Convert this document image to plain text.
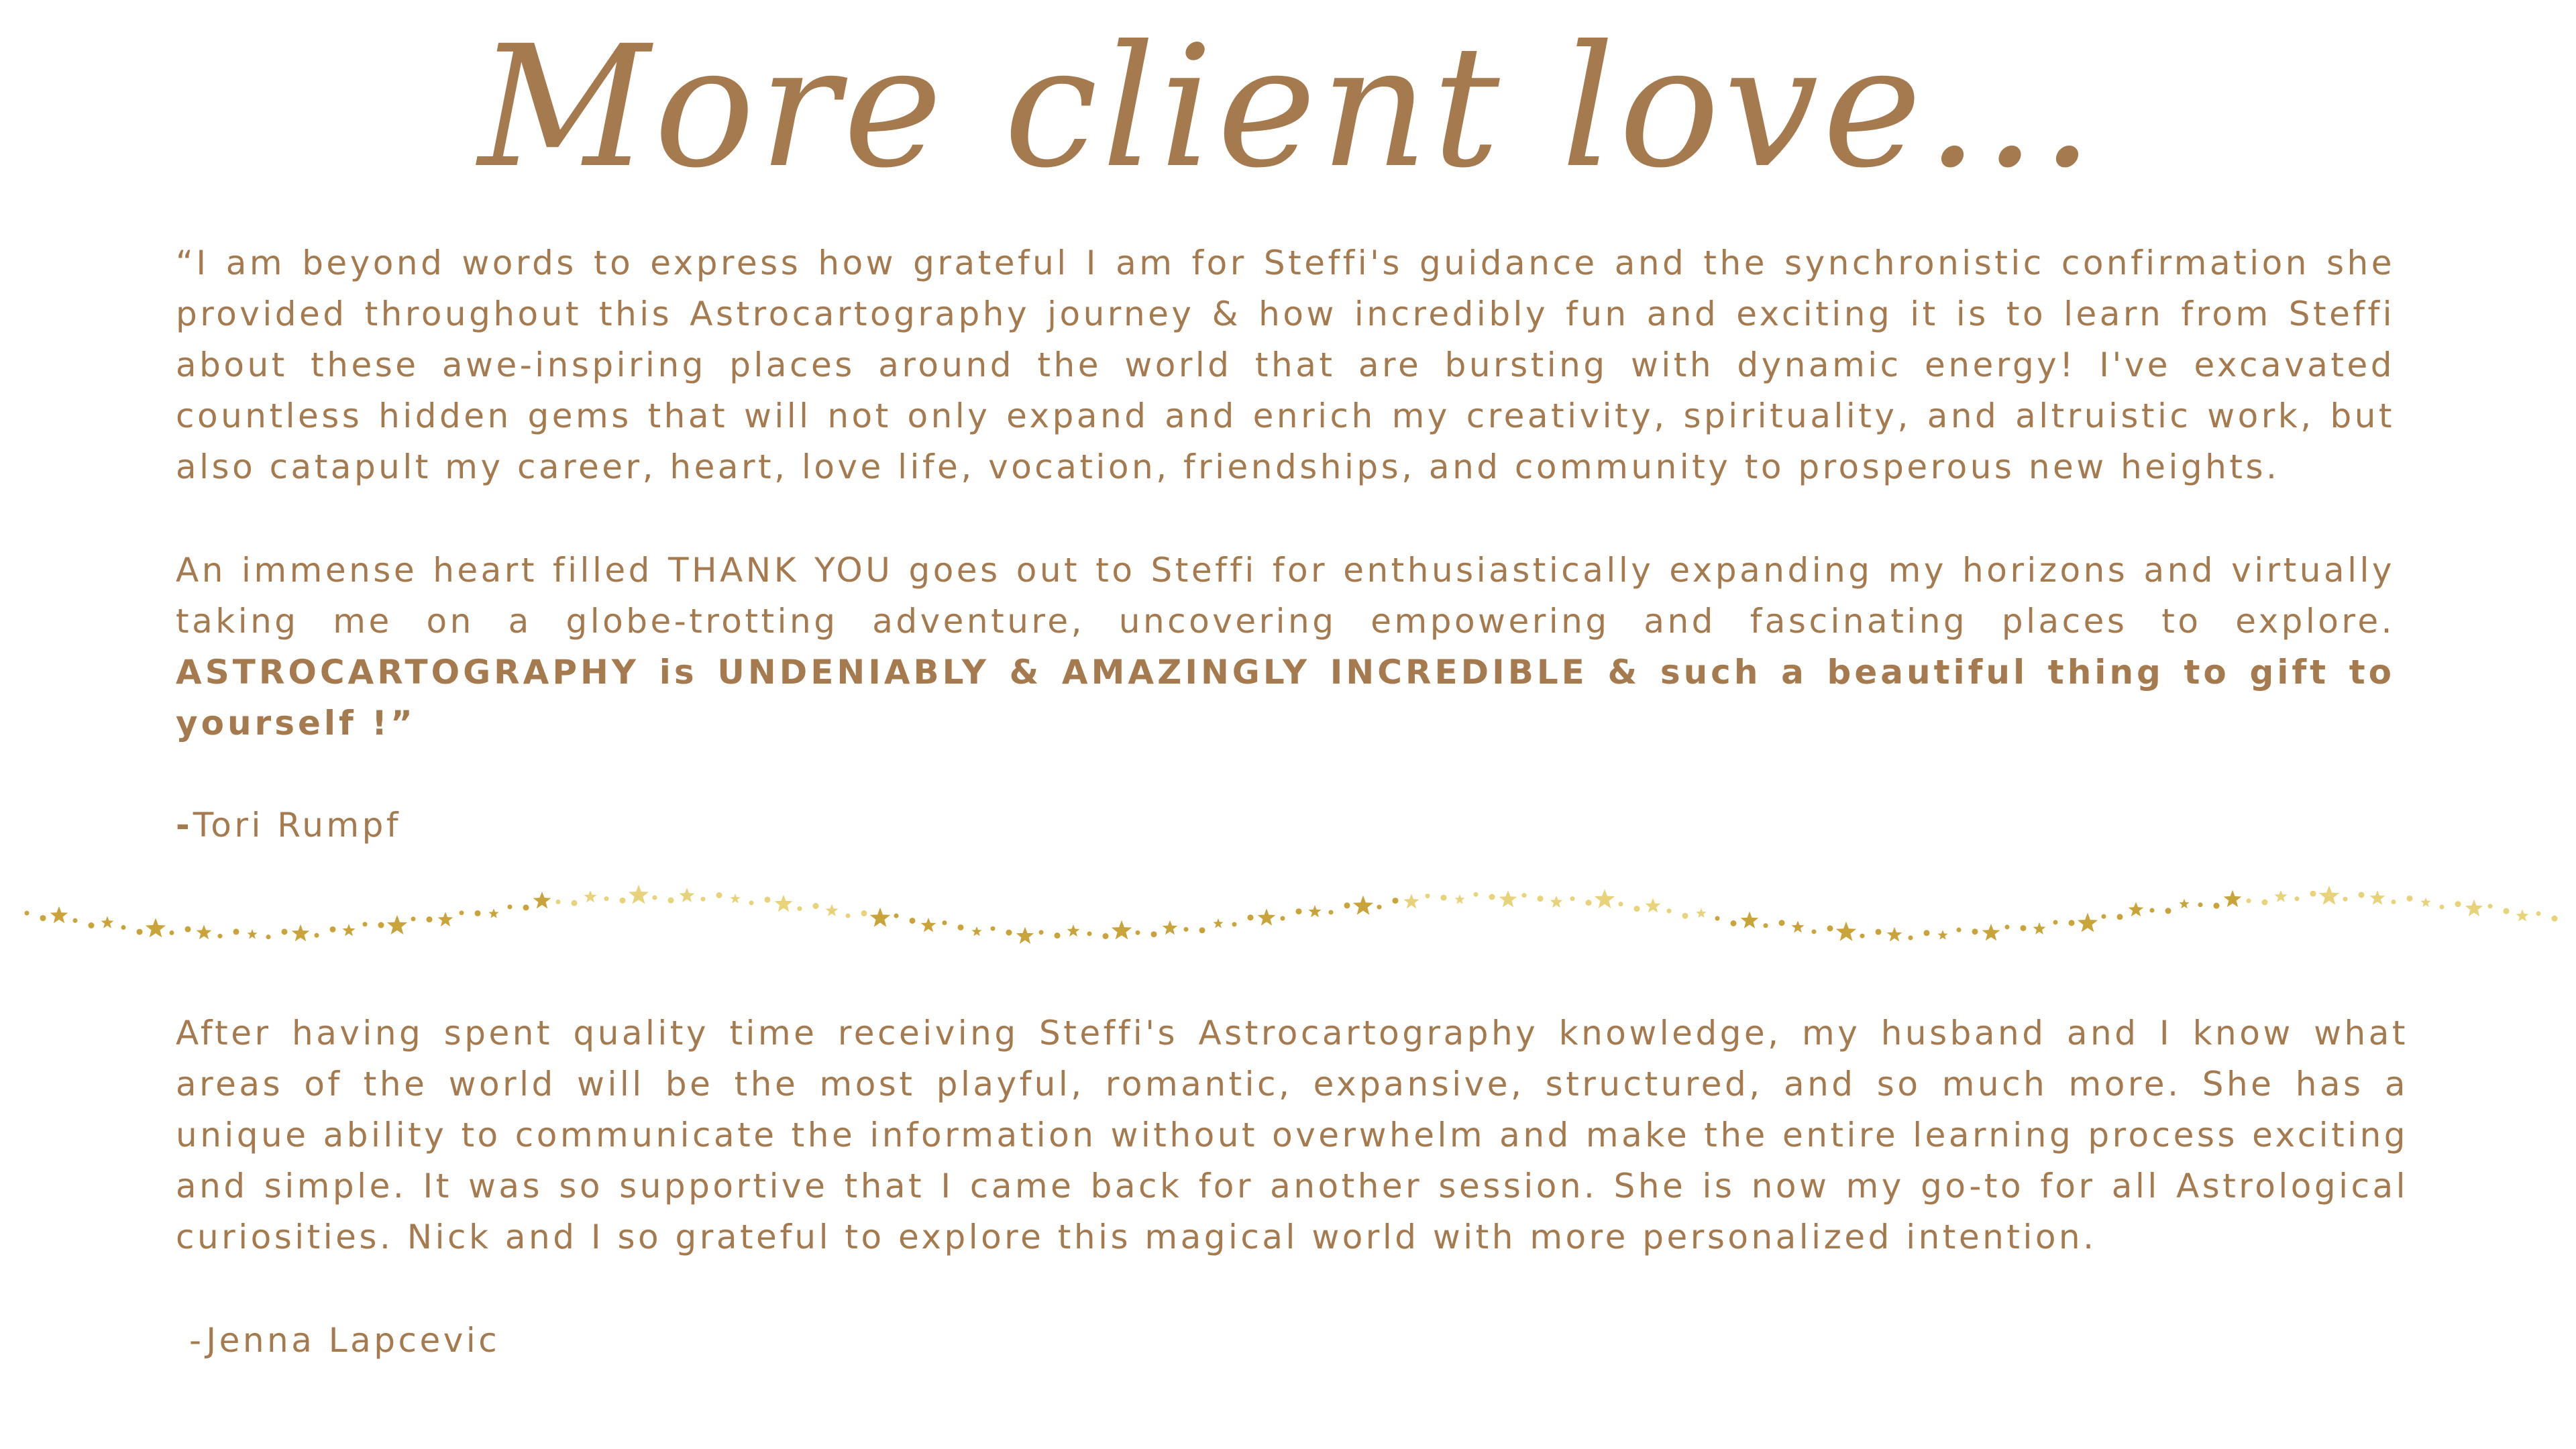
More client love...

“I am beyond words to express how grateful I am for Steffi's guidance and the synchronistic confirmation she provided throughout this Astrocartography journey & how incredibly fun and exciting it is to learn from Steffi about these awe-inspiring places around the world that are bursting with dynamic energy! I've excavated countless hidden gems that will not only expand and enrich my creativity, spirituality, and altruistic work, but also catapult my career, heart, love life, vocation, friendships, and community to prosperous new heights.

An immense heart filled THANK YOU goes out to Steffi for enthusiastically expanding my horizons and virtually taking me on a globe-trotting adventure, uncovering empowering and fascinating places to explore. ASTROCARTOGRAPHY is UNDENIABLY & AMAZINGLY INCREDIBLE & such a beautiful thing to gift to yourself !”

-Tori Rumpf

After having spent quality time receiving Steffi's Astrocartography knowledge, my husband and I know what areas of the world will be the most playful, romantic, expansive, structured, and so much more. She has a unique ability to communicate the information without overwhelm and make the entire learning process exciting and simple. It was so supportive that I came back for another session. She is now my go-to for all Astrological curiosities. Nick and I so grateful to explore this magical world with more personalized intention.

-Jenna Lapcevic
